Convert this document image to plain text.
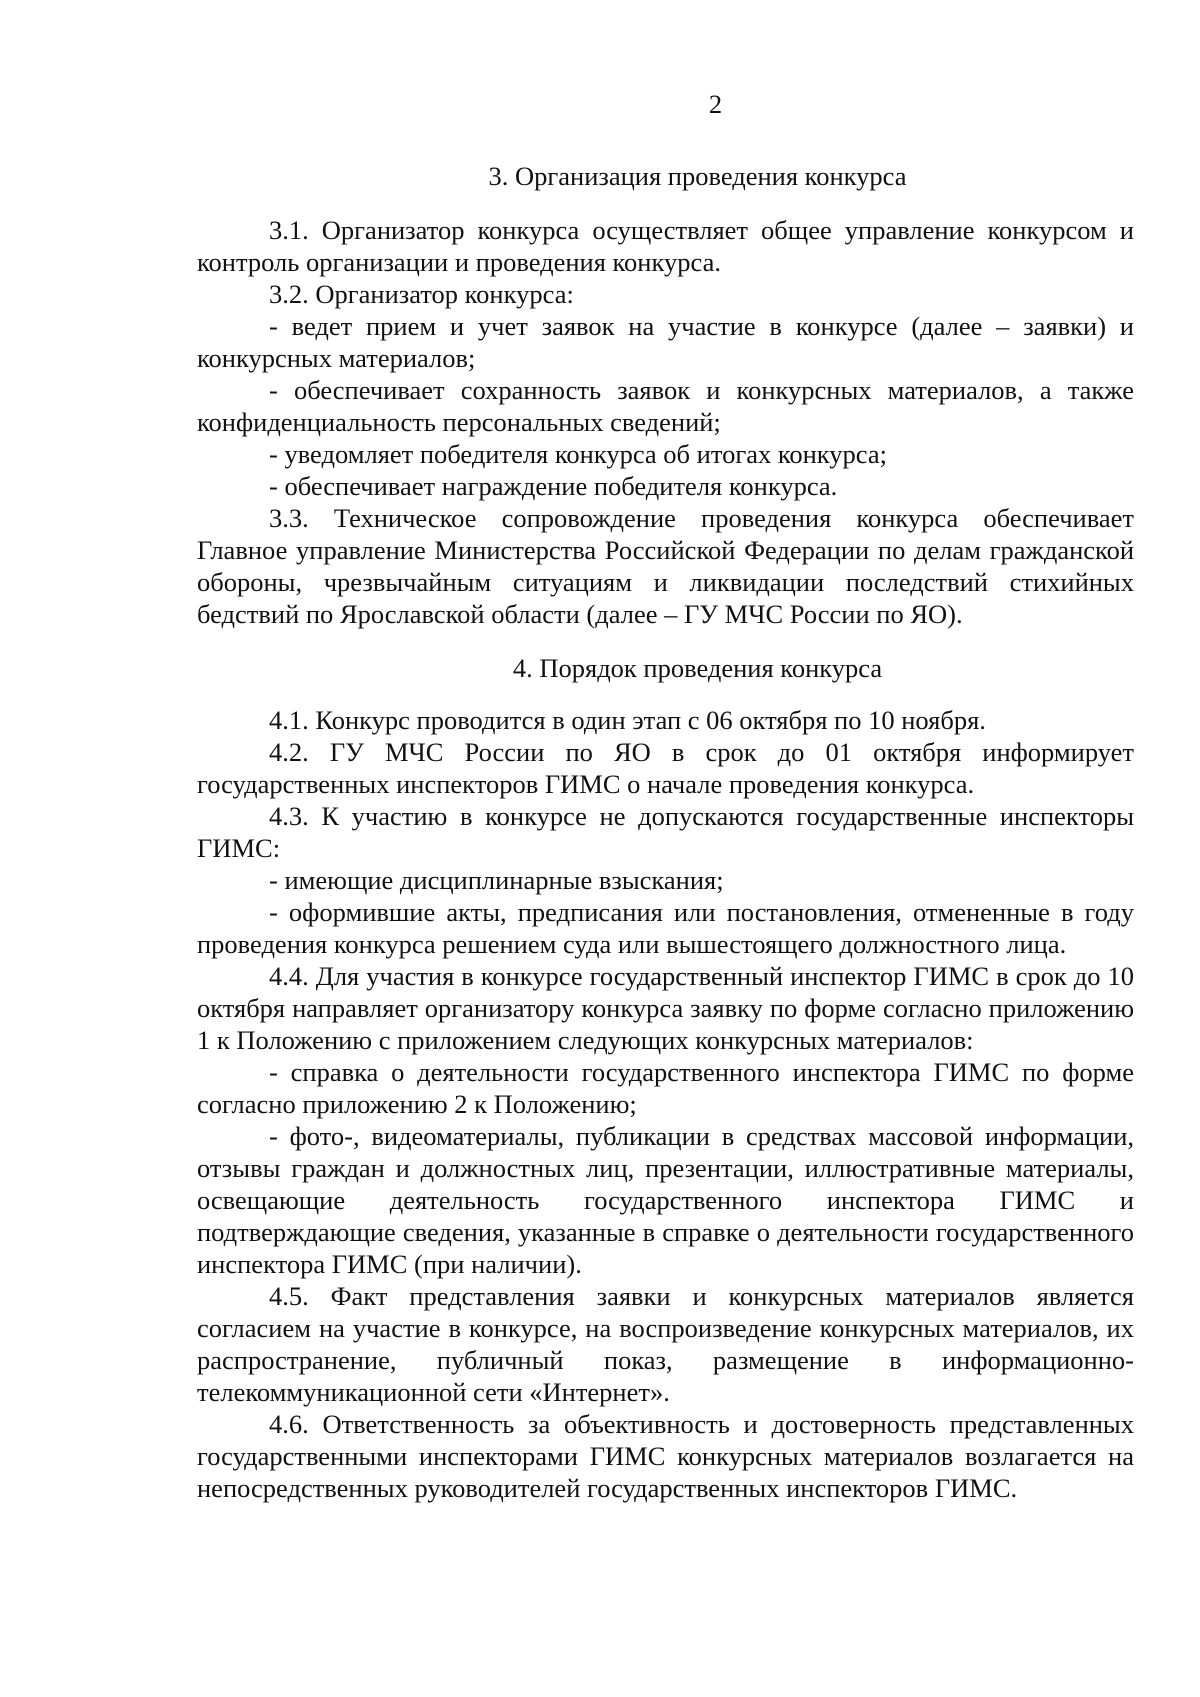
2
3. Организация проведения конкурса

3.1. Организатор конкурса осуществляет общее управление конкурсом и контроль организации и проведения конкурса.

3.2. Организатор конкурса:

- ведет прием и учет заявок на участие в конкурсе (далее – заявки) и конкурсных материалов;

- обеспечивает сохранность заявок и конкурсных материалов, а также конфиденциальность персональных сведений;

- уведомляет победителя конкурса об итогах конкурса;

- обеспечивает награждение победителя конкурса.

3.3. Техническое сопровождение проведения конкурса обеспечивает Главное управление Министерства Российской Федерации по делам гражданской обороны, чрезвычайным ситуациям и ликвидации последствий стихийных бедствий по Ярославской области (далее – ГУ МЧС России по ЯО).

4. Порядок проведения конкурса

4.1. Конкурс проводится в один этап с 06 октября по 10 ноября.

4.2. ГУ МЧС России по ЯО в срок до 01 октября информирует государственных инспекторов ГИМС о начале проведения конкурса.

4.3. К участию в конкурсе не допускаются государственные инспекторы ГИМС:

- имеющие дисциплинарные взыскания;

- оформившие акты, предписания или постановления, отмененные в году проведения конкурса решением суда или вышестоящего должностного лица.

4.4. Для участия в конкурсе государственный инспектор ГИМС в срок до 10 октября направляет организатору конкурса заявку по форме согласно приложению 1 к Положению с приложением следующих конкурсных материалов:

- справка о деятельности государственного инспектора ГИМС по форме согласно приложению 2 к Положению;

- фото-, видеоматериалы, публикации в средствах массовой информации, отзывы граждан и должностных лиц, презентации, иллюстративные материалы, освещающие деятельность государственного инспектора ГИМС и подтверждающие сведения, указанные в справке о деятельности государственного инспектора ГИМС (при наличии).

4.5. Факт представления заявки и конкурсных материалов является согласием на участие в конкурсе, на воспроизведение конкурсных материалов, их распространение, публичный показ, размещение в информационно-телекоммуникационной сети «Интернет».

4.6. Ответственность за объективность и достоверность представленных государственными инспекторами ГИМС конкурсных материалов возлагается на непосредственных руководителей государственных инспекторов ГИМС.
